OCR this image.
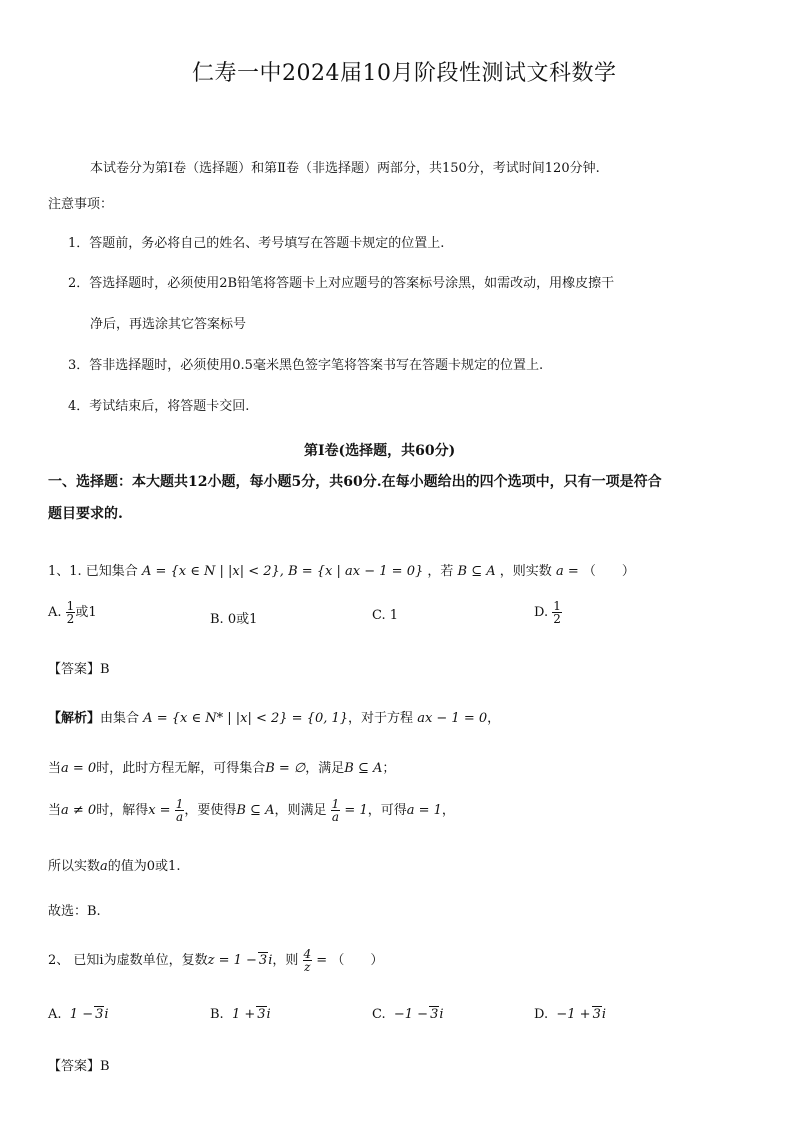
仁寿一中2024届10月阶段性测试文科数学
本试卷分为第Ⅰ卷（选择题）和第Ⅱ卷（非选择题）两部分，共150分，考试时间120分钟.
注意事项：
1．答题前，务必将自己的姓名、考号填写在答题卡规定的位置上.
2．答选择题时，必须使用2B铅笔将答题卡上对应题号的答案标号涂黑，如需改动，用橡皮擦干
净后，再选涂其它答案标号
3．答非选择题时，必须使用0.5毫米黑色签字笔将答案书写在答题卡规定的位置上.
4．考试结束后，将答题卡交回.
第Ⅰ卷(选择题，共60分)
一、选择题：本大题共12小题，每小题5分，共60分.在每小题给出的四个选项中，只有一项是符合
题目要求的.
1、1. 已知集合 A = {x ∈ N | |x| < 2}, B = {x | ax − 1 = 0} ，若 B ⊆ A ，则实数 a = （　　）
A. $\frac{1}{2}$ 或1	B. 0或1	C. 1	D. $\frac{1}{2}$
【答案】B
【解析】由集合 A = {x ∈ N* | |x| < 2} = {0, 1}，对于方程 ax − 1 = 0，
当a = 0时，此时方程无解，可得集合B = ∅，满足B ⊆ A；
当a ≠ 0时，解得$x = \frac{1}{a}$ ，要使得B ⊆ A，则满足 $\frac{1}{a} = 1$，可得a = 1，
所以实数a的值为0或1.
故选：B.
2、 已知i为虚数单位，复数z = 1 − 3i，则 $\frac{4}{z}$ = （　　）
A. 1 − 3i	B. 1 + 3i	C. −1 − 3i	D. −1 + 3i
【答案】B
